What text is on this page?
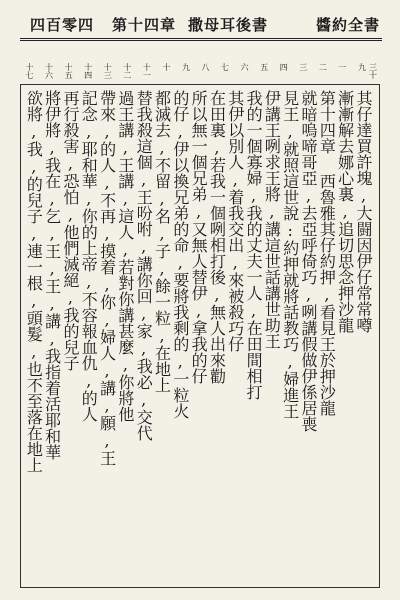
醬約全書
撒母耳後書
第十四章
四百零四
三十九
一
二
三
四
五
六
七
八
九
十
十一
十二
十三
十四
十五
十六
十七
其仔達買許塊,大闘因伊仔常常噂
漸漸解去娜心裏,追切思念押沙龍
第十四章 西魯雅其仔約押,看見王於押沙龍
就暗嗚啼哥亞,去亞呼倚巧,咧講假做伊係居喪
見王,就照這世說:約押就將話教巧,婦進王
伊講王咧求王將,講這世話講世助王
我的一個寡婦,我的丈夫一人,在田間相打
其伊以別人,着我交出,來被殺巧仔
在田裏,若我一個咧相打後,無人出來勸
所以無一個兄弟,又無人替伊,拿我的仔
的仔,伊以換兄弟的命,要將我剩的,一粒火
都滅去,不留,名,子,餘一粒,在地上
替我殺這個,王吩咐,講你回,家,我必,交代
過王講,王講,這人,若對你講甚麼,你將他
帶來,的人,不再,摸着,你,婦人,講,願,王
記念,耶和華,你的上帝,不容報血仇,的人
再行殺害,恐怕,他們滅絕,我的兒子
將伊將,我在,乞,王,王,講,我指着活耶和華
欲將,我,的兒子,連一根,頭髮,也不至落在地上
